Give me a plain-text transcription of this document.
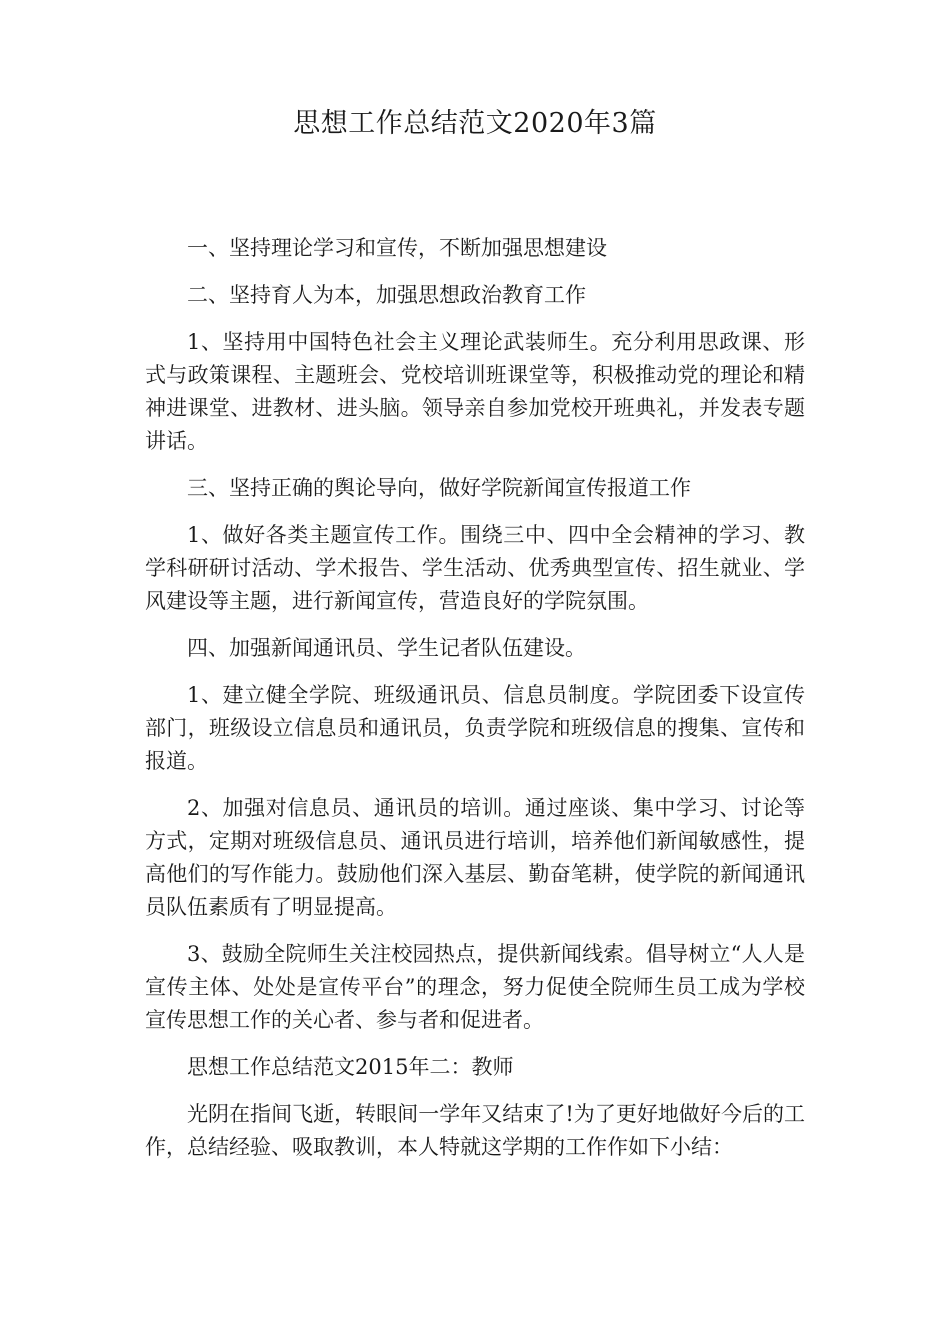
思想工作总结范文2020年3篇

一、坚持理论学习和宣传，不断加强思想建设

二、坚持育人为本，加强思想政治教育工作

1、坚持用中国特色社会主义理论武装师生。充分利用思政课、形式与政策课程、主题班会、党校培训班课堂等，积极推动党的理论和精神进课堂、进教材、进头脑。领导亲自参加党校开班典礼，并发表专题讲话。

三、坚持正确的舆论导向，做好学院新闻宣传报道工作

1、做好各类主题宣传工作。围绕三中、四中全会精神的学习、教学科研研讨活动、学术报告、学生活动、优秀典型宣传、招生就业、学风建设等主题，进行新闻宣传，营造良好的学院氛围。

四、加强新闻通讯员、学生记者队伍建设。

1、建立健全学院、班级通讯员、信息员制度。学院团委下设宣传部门，班级设立信息员和通讯员，负责学院和班级信息的搜集、宣传和报道。

2、加强对信息员、通讯员的培训。通过座谈、集中学习、讨论等方式，定期对班级信息员、通讯员进行培训，培养他们新闻敏感性，提高他们的写作能力。鼓励他们深入基层、勤奋笔耕，使学院的新闻通讯员队伍素质有了明显提高。

3、鼓励全院师生关注校园热点，提供新闻线索。倡导树立“人人是宣传主体、处处是宣传平台”的理念，努力促使全院师生员工成为学校宣传思想工作的关心者、参与者和促进者。

思想工作总结范文2015年二：教师

光阴在指间飞逝，转眼间一学年又结束了!为了更好地做好今后的工作，总结经验、吸取教训，本人特就这学期的工作作如下小结：
